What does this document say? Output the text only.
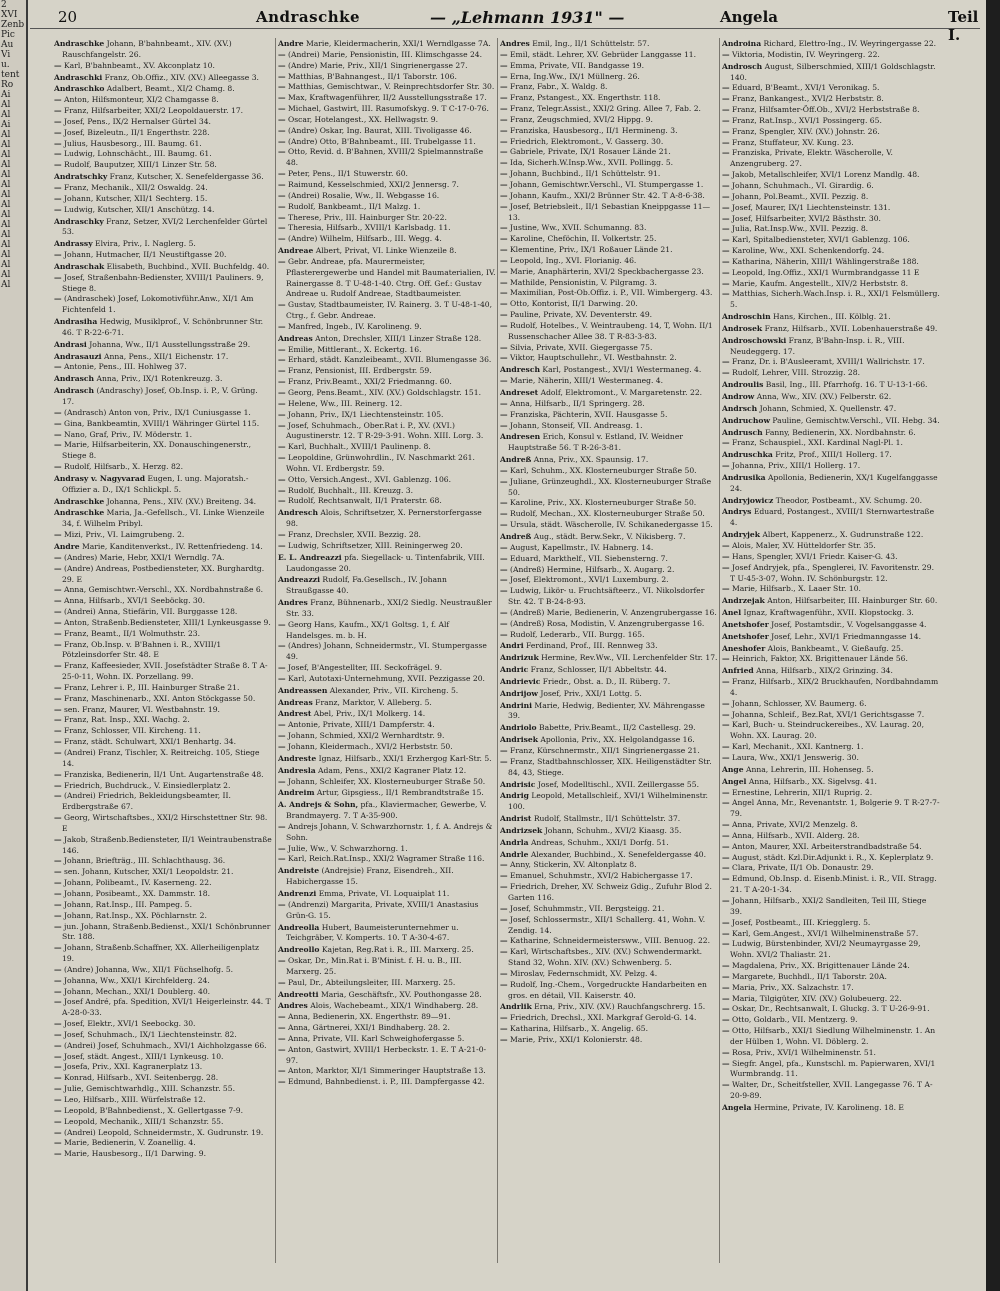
2
XVI
Zenb
Pic
Au
Vi
u.
tent
Ro
Ai
Al
Al
Ai
Al
Al
Al
Al
Al
Al
Al
Al
Al
Al
Al
Al
Al
Al
Al
Al
20	Andraschke	— „Lehmann 1931" —	Angela	Teil I.

Andraschke Johann, B'bahnbeamt., XIV. (XV.) Rauschfangelstr. 26.

— Karl, B'bahnbeamt., XV. Akconplatz 10.

Andraschki Franz, Ob.Offiz., XIV. (XV.) Alleegasse 3.

Andraschko Adalbert, Beamt., XI/2 Chamg. 8.

— Anton, Hilfsmonteur, XI/2 Chamgasse 8.

— Franz, Hilfsarbeiter, XXI/2 Leopoldauerstr. 17.

— Josef, Pens., IX/2 Hernalser Gürtel 34.

— Josef, Bizeleutn., II/1 Engerthstr. 228.

— Julius, Hausbesorg., III. Baumg. 61.

— Ludwig, Lohnschächt., III. Baumg. 61.

— Rudolf, Bauputzer, XIII/1 Linzer Str. 58.

Andratschky Franz, Kutscher, X. Senefeldergasse 36.

— Franz, Mechanik., XII/2 Oswaldg. 24.

— Johann, Kutscher, XII/1 Sechterg. 15.

— Ludwig, Kutscher, XII/1 Anschützg. 14.

Andraschky Franz, Setzer, XVI/2 Lerchenfelder Gürtel 53.

Andrassy Elvira, Priv., I. Naglerg. 5.

— Johann, Hutmacher, II/1 Neustiftgasse 20.

Andraschak Elisabeth, Buchbind., XVII. Buchfeldg. 40.

— Josef, Straßenbahn-Bedienster, XVIII/1 Pauliners. 9, Stiege 8.

— (Andraschek) Josef, Lokomotivführ.Anw., XI/1 Am Fichtenfeld 1.

Andrasiha Hedwig, Musiklprof., V. Schönbrunner Str. 46. T R-22-6-71.

Andrasi Johanna, Ww., II/1 Ausstellungsstraße 29.

Andrasauzi Anna, Pens., XII/1 Eichenstr. 17.

— Antonie, Pens., III. Hohlweg 37.

Andrasch Anna, Priv., IX/1 Rotenkreuzg. 3.

Andrasch (Andraschy) Josef, Ob.Insp. i. P., V. Grüng. 17.

— (Andrasch) Anton von, Priv., IX/1 Cuniusgasse 1.

— Gina, Bankbeamtin, XVIII/1 Währinger Gürtel 115.

— Nano, Graf, Priv., IV. Möderstr. 1.

— Marie, Hilfsarbeiterin, XX. Donauschingenerstr., Stiege 8.

— Rudolf, Hilfsarb., X. Herzg. 82.

Andrasy v. Nagyvarad Eugen, I. ung. Majoratsh.-Offizier a. D., IX/1 Schlickpl. 5.

Andraschke Johanna, Pens., XIV. (XV.) Breiteng. 34.

Andraschke Maria, Ja.-Gefellsch., VI. Linke Wienzeile 34, f. Wilhelm Pribyl.

— Mizi, Priv., VI. Laimgrubeng. 2.

Andre Marie, Kanditenverkst., IV. Rettenfriedeng. 14.

— (Andres) Marie, Hebr, XXI/1 Werndlg. 7A.

— (Andre) Andreas, Postbediensteter, XX. Burghardtg. 29. E

— Anna, Gemischtwr.-Verschl., XX. Nordbahnstraße 6.

— Anna, Hilfsarb., XVI/1 Seeböckg. 30.

— (Andrei) Anna, Stiefärin, VII. Burggasse 128.

— Anton, Straßenb.Bediensteter, XIII/1 Lynkeusgasse 9.

— Franz, Beamt., II/1 Wolmuthstr. 23.

— Franz, Ob.Insp. v. B'Bahnen i. R., XVIII/1 Pötzleinsdorfer Str. 48. E

— Franz, Kaffeesieder, XVII. Josefstädter Straße 8. T A-25-0-11, Wohn. IX. Porzellang. 99.

— Franz, Lehrer i. P., III. Hainburger Straße 21.

— Franz, Maschinenarb., XXI. Anton Stöckgasse 50.

— sen. Franz, Maurer, VI. Westbahnstr. 19.

— Franz, Rat. Insp., XXI. Wachg. 2.

— Franz, Schlosser, VII. Kircheng. 11.

— Franz, städt. Schulwart, XXI/1 Benhartg. 34.

— (Andrei) Franz, Tischler, X. Reitreichg. 105, Stiege 14.

— Franziska, Bedienerin, II/1 Unt. Augartenstraße 48.

— Friedrich, Buchdruck., V. Einsiedlerplatz 2.

— (Andrei) Friedrich, Bekleidungsbeamter, II. Erdbergstraße 67.

— Georg, Wirtschaftsbes., XXI/2 Hirschstettner Str. 98. E

— Jakob, Straßenb.Bediensteter, II/1 Weintraubenstraße 146.

— Johann, Briefträg., III. Schlachthausg. 36.

— sen. Johann, Kutscher, XXI/1 Leopoldstr. 21.

— Johann, Polibeamt., IV. Kaserneng. 22.

— Johann, Posibeamt., XX. Dammstr. 18.

— Johann, Rat.Insp., III. Pampeg. 5.

— Johann, Rat.Insp., XX. Pöchlarnstr. 2.

— jun. Johann, Straßenb.Bedienst., XXI/1 Schönbrunner Str. 188.

— Johann, Straßenb.Schaffner, XX. Allerheiligenplatz 19.

— (Andre) Johanna, Ww., XII/1 Füchselhofg. 5.

— Johanna, Ww., XXI/1 Kirchfelderg. 24.

— Johann, Mechan., XXI/1 Doublerg. 40.

— Josef André, pfa. Spedition, XVI/1 Heigerleinstr. 44. T A-28-0-33.

— Josef, Elektr., XVI/1 Seebockg. 30.

— Josef, Schuhmach., IX/1 Liechtensteinstr. 82.

— (Andrei) Josef, Schuhmach., XVI/1 Aichholzgasse 66.

— Josef, städt. Angest., XIII/1 Lynkeusg. 10.

— Josefa, Priv., XXI. Kagranerplatz 13.

— Konrad, Hilfsarb., XVI. Seitenbergg. 28.

— Julie, Gemischtwarhdlg., XIII. Schanzstr. 55.

— Leo, Hilfsarb., XIII. Würfelstraße 12.

— Leopold, B'Bahnbedienst., X. Gellertgasse 7-9.

— Leopold, Mechanik., XIII/1 Schanzstr. 55.

— (Andrei) Leopold, Schneidermstr., X. Gudrunstr. 19.

— Marie, Bedienerin, V. Zoanellig. 4.

— Marie, Hausbesorg., II/1 Darwing. 9.

Andre Marie, Kleidermacherin, XXI/1 Werndlgasse 7A.

— (Andrei) Marie, Pensionistin, III. Klimschgasse 24.

— (Andre) Marie, Priv., XII/1 Singrienergasse 27.

— Matthias, B'Bahnangest., II/1 Taborstr. 106.

— Matthias, Gemischtwar., V. Reinprechtsdorfer Str. 30.

— Max, Kraftwagenführer, II/2 Ausstellungsstraße 17.

— Michael, Gastwirt, III. Rasumofskyg. 9. T C-17-0-76.

— Oscar, Hotelangest., XX. Hellwagstr. 9.

— (Andre) Oskar, Ing. Baurat, XIII. Tivoligasse 46.

— (Andre) Otto, B'Bahnbeamt., III. Trubelgasse 11.

— Otto, Revid. d. B'Bahnen, XVIII/2 Spielmannstraße 48.

— Peter, Pens., II/1 Stuwerstr. 60.

— Raimund, Kesselschmied, XXI/2 Jennersg. 7.

— (Andrei) Rosalie, Ww., II. Webgasse 16.

— Rudolf, Bankbeamt., II/1 Malzg. 1.

— Therese, Priv., III. Hainburger Str. 20-22.

— Theresia, Hilfsarb., XVIII/1 Karlsbadg. 11.

— (Andre) Wilhelm, Hilfsarb., III. Wegg. 4.

Andreae Albert, Privat, VI. Linke Wienzeile 8.

— Gebr. Andreae, pfa. Maurermeister, Pflasterergewerbe und Handel mit Baumaterialien, IV. Rainergasse 8. T U-48-1-40. Ctrg. Off. Gef.: Gustav Andreae u. Rudolf Andreae, Stadtbaumeister.

— Gustav, Stadtbaumeister, IV. Rainerg. 3. T U-48-1-40, Ctrg., f. Gebr. Andreae.

— Manfred, Ingeb., IV. Karolineng. 9.

Andreas Anton, Drechsler, XIII/1 Linzer Straße 128.

— Emilie, Mittlerant., X. Eckertg. 16.

— Erhard, städt. Kanzleibeamt., XVII. Blumengasse 36.

— Franz, Pensionist, III. Erdbergstr. 59.

— Franz, Priv.Beamt., XXI/2 Friedmanng. 60.

— Georg, Pens.Beamt., XIV. (XV.) Goldschlagstr. 151.

— Helene, Ww., III. Reinerg. 12.

— Johann, Priv., IX/1 Liechtensteinstr. 105.

— Josef, Schuhmach., Ober.Rat i. P., XV. (XVI.) Augustinerstr. 12. T R-29-3-91. Wohn. XIII. Lorg. 3.

— Karl, Buchhalt., XVIII/1 Paulinenp. 8.

— Leopoldine, Grünwohrdlin., IV. Naschmarkt 261. Wohn. VI. Erdbergstr. 59.

— Otto, Versich.Angest., XVI. Gablenzg. 106.

— Rudolf, Buchhalt., III. Kreuzg. 3.

— Rudolf, Rechtsanwalt, II/1 Praterstr. 68.

Andresch Alois, Schriftsetzer, X. Pernerstorfergasse 98.

— Franz, Drechsler, XVII. Bezzig. 28.

— Ludwig, Schriftsetzer, XIII. Reiningerweg 20.

E. L. Andreazzi pfa. Siegellack- u. Tintenfabrik, VIII. Laudongasse 20.

Andreazzi Rudolf, Fa.Gesellsch., IV. Johann Straußgasse 40.

Andres Franz, Bühnenarb., XXI/2 Siedlg. Neustraußler Str. 33.

— Georg Hans, Kaufm., XX/1 Goltsg. 1, f. Alf Handelsges. m. b. H.

— (Andres) Johann, Schneidermstr., VI. Stumpergasse 49.

— Josef, B'Angestellter, III. Seckofrägel. 9.

— Karl, Autotaxi-Unternehmung, XVII. Pezzigasse 20.

Andreassen Alexander, Priv., VII. Kircheng. 5.

Andreas Franz, Marktor, V. Alleberg. 5.

Andrest Abel, Priv., IX/1 Molkerg. 14.

— Antonie, Private, XIII/1 Dampferstr. 4.

— Johann, Schmied, XXI/2 Wernhardtstr. 9.

— Johann, Kleidermach., XVI/2 Herbststr. 50.

Andreste Ignaz, Hilfsarb., XXI/1 Erzhergog Karl-Str. 5.

Andresla Adam, Pens., XXI/2 Kagraner Platz 12.

— Johann, Schleifer, XX. Klosterneuburger Straße 50.

Andreim Artur, Gipsgiess., II/1 Rembrandtstraße 15.

A. Andrejs & Sohn, pfa., Klaviermacher, Gewerbe, V. Brandmayerg. 7. T A-35-900.

— Andrejs Johann, V. Schwarzhornstr. 1, f. A. Andrejs & Sohn.

— Julie, Ww., V. Schwarzhorng. 1.

— Karl, Reich.Rat.Insp., XXI/2 Wagramer Straße 116.

Andreiste (Andrejsie) Franz, Eisendreh., XII. Habichergasse 15.

Andrenzi Emma, Private, VI. Loquaiplat 11.

— (Andrenzi) Margarita, Private, XVIII/1 Anastasius Grün-G. 15.

Andreolla Hubert, Baumeisterunternehmer u. Teichgräber, V. Komperts. 10. T A-30-4-67.

Andreollo Kajetan, Reg.Rat i. R., III. Marxerg. 25.

— Oskar, Dr., Min.Rat i. B'Minist. f. H. u. B., III. Marxerg. 25.

— Paul, Dr., Abteilungsleiter, III. Marxerg. 25.

Andreotti Maria, Geschäftsfr., XV. Pouthongasse 28.

Andres Alois, Wachebeamt., XIX/1 Windhaberg. 28.

— Anna, Bedienerin, XX. Engerthstr. 89—91.

— Anna, Gärtnerei, XXI/1 Bindhaberg. 28. 2.

— Anna, Private, VII. Karl Schweighofergasse 5.

— Anton, Gastwirt, XVIII/1 Herbeckstr. 1. E. T A-21-0-97.

— Anton, Marktor, XI/1 Simmeringer Hauptstraße 13.

— Edmund, Bahnbedienst. i. P., III. Dampfergasse 42.

Andres Emil, Ing., II/1 Schüttelstr. 57.

— Emil, städt. Lehrer, XV. Gebrüder Langgasse 11.

— Emma, Private, VII. Bandgasse 19.

— Erna, Ing.Ww., IX/1 Müllnerg. 26.

— Franz, Fabr., X. Waldg. 8.

— Franz, Pstangest., XX. Engerthstr. 118.

— Franz, Telegr.Assist., XXI/2 Gring. Allee 7, Fab. 2.

— Franz, Zeugschmied, XVI/2 Hippg. 9.

— Franziska, Hausbesorg., II/1 Hermineng. 3.

— Friedrich, Elektromont., V. Gasserg. 30.

— Gabriele, Private, IX/1 Rosauer Lände 21.

— Ida, Sicherh.W.Insp.Ww., XVII. Pollingg. 5.

— Johann, Buchbind., II/1 Schüttelstr. 91.

— Johann, Gemischtwr.Verschl., VI. Stumpergasse 1.

— Johann, Kaufm., XXI/2 Brünner Str. 42. T A-8-6-38.

— Josef, Betriebsleit., II/1 Sebastian Kneippgasse 11—13.

— Justine, Ww., XVII. Schumanng. 83.

— Karoline, Cheföchin, II. Volkertstr. 25.

— Klementine, Priv., IX/1 Roßauer Lände 21.

— Leopold, Ing., XVI. Florianig. 46.

— Marie, Anaphärterin, XVI/2 Speckbachergasse 23.

— Mathilde, Pensionistin, V. Pilgramg. 3.

— Maximilian, Post-Ob.Offiz. i. P., VII. Wimbergerg. 43.

— Otto, Kontorist, II/1 Darwing. 20.

— Pauline, Private, XV. Deventerstr. 49.

— Rudolf, Hotelbes., V. Weintraubeng. 14, T, Wohn. II/1 Russenschacher Allee 38. T R-83-3-83.

— Silvia, Private, XVII. Giegergasse 75.

— Viktor, Hauptschullehr., VI. Westbahnstr. 2.

Andresch Karl, Postangest., XVI/1 Westermaneg. 4.

— Marie, Näherin, XIII/1 Westermaneg. 4.

Andreset Adolf, Elektromont., V. Margaretenstr. 22.

— Anna, Hilfsarb., II/1 Springerg. 28.

— Franziska, Pächterin, XVII. Hausgasse 5.

— Johann, Stonseif, VII. Andreasg. 1.

Andresen Erich, Konsul v. Estland, IV. Weidner Hauptstraße 56. T R-26-3-81.

Andreß Anna, Priv., XX. Spaunsig. 17.

— Karl, Schuhm., XX. Klosterneuburger Straße 50.

— Juliane, Grünzeughdl., XX. Klosterneuburger Straße 50.

— Karoline, Priv., XX. Klosterneuburger Straße 50.

— Rudolf, Mechan., XX. Klosterneuburger Straße 50.

— Ursula, städt. Wäscherolle, IV. Schikanedergasse 15.

Andreß Aug., städt. Berw.Sekr., V. Nikisberg. 7.

— August, Kapellmstr., IV. Habnerg. 14.

— Eduard, Markthelf., VII. Siebensterng. 7.

— (Andreß) Hermine, Hilfsarb., X. Augarg. 2.

— Josef, Elektromont., XVI/1 Luxemburg. 2.

— Ludwig, Likör- u. Fruchtsäfteerz., VI. Nikolsdorfer Str. 42. T B-24-8-93.

— (Andreß) Marie, Bedienerin, V. Anzengrubergasse 16.

— (Andreß) Rosa, Modistin, V. Anzengrubergasse 16.

— Rudolf, Lederarb., VII. Burgg. 165.

Andri Ferdinand, Prof., III. Rennweg 33.

Andrizuk Hermine, Rev.Ww., VII. Lerchenfelder Str. 17.

Andric Franz, Schlosser, II/1 Abbeltstr. 44.

Andrievic Friedr., Obst. a. D., II. Rüberg. 7.

Andrijow Josef, Priv., XXI/1 Lottg. 5.

Andrini Marie, Hedwig, Bedienter, XV. Mährengasse 39.

Andriolo Babette, Priv.Beamt., II/2 Castellesg. 29.

Andrisek Apollonia, Priv., XX. Helgolandgasse 16.

— Franz, Kürschnermstr., XII/1 Singrienergasse 21.

— Franz, Stadtbahnschlosser, XIX. Heiligenstädter Str. 84, 43, Stiege.

Andrisic Josef, Modelltischl., XVII. Zeillergasse 55.

Andrig Leopold, Metallschleif., XVI/1 Wilhelminenstr. 100.

Andrist Rudolf, Stallmstr., II/1 Schüttelstr. 37.

Andrizsek Johann, Schuhm., XVI/2 Kiaasg. 35.

Andrla Andreas, Schuhm., XXI/1 Dorfg. 51.

Andrle Alexander, Buchbind., X. Senefeldergasse 40.

— Anny, Stickerin, XV. Altonplatz 8.

— Emanuel, Schuhmstr., XVI/2 Habichergasse 17.

— Friedrich, Dreher, XV. Schweiz Gdig., Zufuhr Blod 2. Garten 116.

— Josef, Schuhmmstr., VII. Bergsteigg. 21.

— Josef, Schlossermstr., XII/1 Schallerg. 41, Wohn. V. Zendig. 14.

— Katharine, Schneidermeistersww., VIII. Benuog. 22.

— Karl, Wirtschaftsbes., XIV. (XV.) Schwendermarkt. Stand 32, Wohn. XIV. (XV.) Schwenberg. 5.

— Miroslav, Federnschmidt, XV. Pelzg. 4.

— Rudolf, Ing.-Chem., Vorgedruckte Handarbeiten en gros. en détail, VII. Kaiserstr. 40.

Andrlik Erna, Priv., XIV. (XV.) Rauchfangschrerg. 15.

— Friedrich, Drechsl., XXI. Markgraf Gerold-G. 14.

— Katharina, Hilfsarb., X. Angelig. 65.

— Marie, Priv., XXI/1 Kolonierstr. 48.

Androina Richard, Elettro-Ing., IV. Weyringergasse 22.

— Viktoria, Modistin, IV. Weyringerg. 22.

Androsch August, Silberschmied, XIII/1 Goldschlagstr. 140.

— Eduard, B'Beamt., XVI/1 Veronikag. 5.

— Franz, Bankangest., XVI/2 Herbststr. 8.

— Franz, Hilfsamter-Öff.Ob., XVI/2 Herbststraße 8.

— Franz, Rat.Insp., XVI/1 Possingerg. 65.

— Franz, Spengler, XIV. (XV.) Johnstr. 26.

— Franz, Stuffateur, XV. Kung. 23.

— Franziska, Private, Elektr. Wäscherolle, V. Anzengruberg. 27.

— Jakob, Metallschleifer, XVI/1 Lorenz Mandlg. 48.

— Johann, Schuhmach., VI. Girardig. 6.

— Johann, Pol.Beamt., XVII. Pezzig. 8.

— Josef, Maurer, IX/1 Liechtensteinstr. 131.

— Josef, Hilfsarbeiter, XVI/2 Bästhstr. 30.

— Julia, Rat.Insp.Ww., XVII. Pezzig. 8.

— Karl, Spitalbediensteter, XVI/1 Gablenzg. 106.

— Karoline, Ww., XXI. Schenkendorfg. 24.

— Katharina, Näherin, XIII/1 Wählingerstraße 188.

— Leopold, Ing.Offiz., XXI/1 Wurmbrandgasse 11 E

— Marie, Kaufm. Angestellt., XIV/2 Herbststr. 8.

— Matthias, Sicherh.Wach.Insp. i. R., XXI/1 Felsmüllerg. 5.

Androschin Hans, Kirchen., III. Kölblg. 21.

Androsek Franz, Hilfsarb., XVII. Lobenhauerstraße 49.

Androschowski Franz, B'Bahn-Insp. i. R., VIII. Neudeggerg. 17.

— Franz, Dr. i. B'Ausleeramt, XVIII/1 Wallrichstr. 17.

— Rudolf, Lehrer, VIII. Strozzig. 28.

Androulis Basil, Ing., III. Pfarrhofg. 16. T U-13-1-66.

Androw Anna, Ww., XIV. (XV.) Felberstr. 62.

Andrsch Johann, Schmied, X. Quellenstr. 47.

Andruchow Pauline, Gemischtw.Verschl., VII. Hebg. 34.

Andrusch Fanny, Bedienerin, XX. Nordbahnstr. 6.

— Franz, Schauspiel., XXI. Kardinal Nagl-Pl. 1.

Andruschka Fritz, Prof., XIII/1 Hollerg. 17.

— Johanna, Priv., XIII/1 Hollerg. 17.

Andrusika Apollonia, Bedienerin, XX/1 Kugelfanggasse 24.

Andryjowicz Theodor, Postbeamt., XV. Schumg. 20.

Andrys Eduard, Postangest., XVIII/1 Sternwartestraße 4.

Andryjek Albert, Kappenerz., X. Gudrunstraße 122.

— Alois, Maler, XV. Hütteldorfer Str. 35.

— Hans, Spengler, XVI/1 Friedr. Kaiser-G. 43.

— Josef Andryjek, pfa., Spenglerei, IV. Favoritenstr. 29. T U-45-3-07, Wohn. IV. Schönburgstr. 12.

— Marie, Hilfsarb., X. Laaer Str. 10.

Andrzejak Anton, Hilfsarbeiter, III. Hainburger Str. 60.

Anel Ignaz, Kraftwagenführ., XVII. Klopstockg. 3.

Anetshofer Josef, Postamtsdir., V. Vogelsanggasse 4.

Anetshofer Josef, Lehr., XVI/1 Friedmanngasse 14.

Aneshofer Alois, Bankbeamt., V. Gießaufg. 25.

— Heinrich, Faktor, XX. Brigittenauer Lände 56.

Anfried Anna, Hilfsarb., XIX/2 Grinzing. 34.

— Franz, Hilfsarb., XIX/2 Bruckhaufen, Nordbahndamm 4.

— Johann, Schlosser, XV. Baumerg. 6.

— Johanna, Schleif., Bez.Rat, XVI/1 Gerichtsgasse 7.

— Karl, Buch- u. Steindruckereibes., XV. Laurag. 20, Wohn. XX. Laurag. 20.

— Karl, Mechanit., XXI. Kantnerg. 1.

— Laura, Ww., XXI/1 Jenswerig. 30.

Ange Anna, Lehrerin, III. Hohenseg. 5.

Angel Anna, Hilfsarb., XX. Sigelvsg. 41.

— Ernestine, Lehrerin, XII/1 Ruprig. 2.

— Angel Anna, Mr., Revenantstr. 1, Bolgerie 9. T R-27-7-79.

— Anna, Private, XVI/2 Menzelg. 8.

— Anna, Hilfsarb., XVII. Alderg. 28.

— Anton, Maurer, XXI. Arbeiterstrandbadstraße 54.

— August, städt. Kzl.Dir.Adjunkt i. R., X. Keplerplatz 9.

— Clara, Private, II/1 Ob. Donaustr. 29.

— Edmund, Ob.Insp. d. Eisenb.Minist. i. R., VII. Stragg. 21. T A-20-1-34.

— Johann, Hilfsarb., XXI/2 Sandleiten, Teil III, Stiege 39.

— Josef, Postbeamt., III. Kriegglerg. 5.

— Karl, Gem.Angest., XVI/1 Wilhelminenstraße 57.

— Ludwig, Bürstenbinder, XVI/2 Neumayrgasse 29, Wohn. XVI/2 Thaliastr. 21.

— Magdalena, Priv., XX. Brigittenauer Lände 24.

— Margarete, Buchhdl., II/1 Taborstr. 20A.

— Maria, Priv., XX. Salzachstr. 17.

— Maria, Tilgigüter, XIV. (XV.) Golubeuerg. 22.

— Oskar, Dr., Rechtsanwalt, I. Gluckg. 3. T U-26-9-91.

— Otto, Goldarb., VII. Mentzerg. 9.

— Otto, Hilfsarb., XXI/1 Siedlung Wilhelminenstr. 1. An der Hülben 1, Wohn. VI. Döblerg. 2.

— Rosa, Priv., XVI/1 Wilhelminenstr. 51.

— Siegfr. Angel, pfa., Kunstschl. m. Papierwaren, XVI/1 Wurmbrandg. 11.

— Walter, Dr., Scheitfsteller, XVII. Langegasse 76. T A-20-9-89.

Angela Hermine, Private, IV. Karolineng. 18. E
